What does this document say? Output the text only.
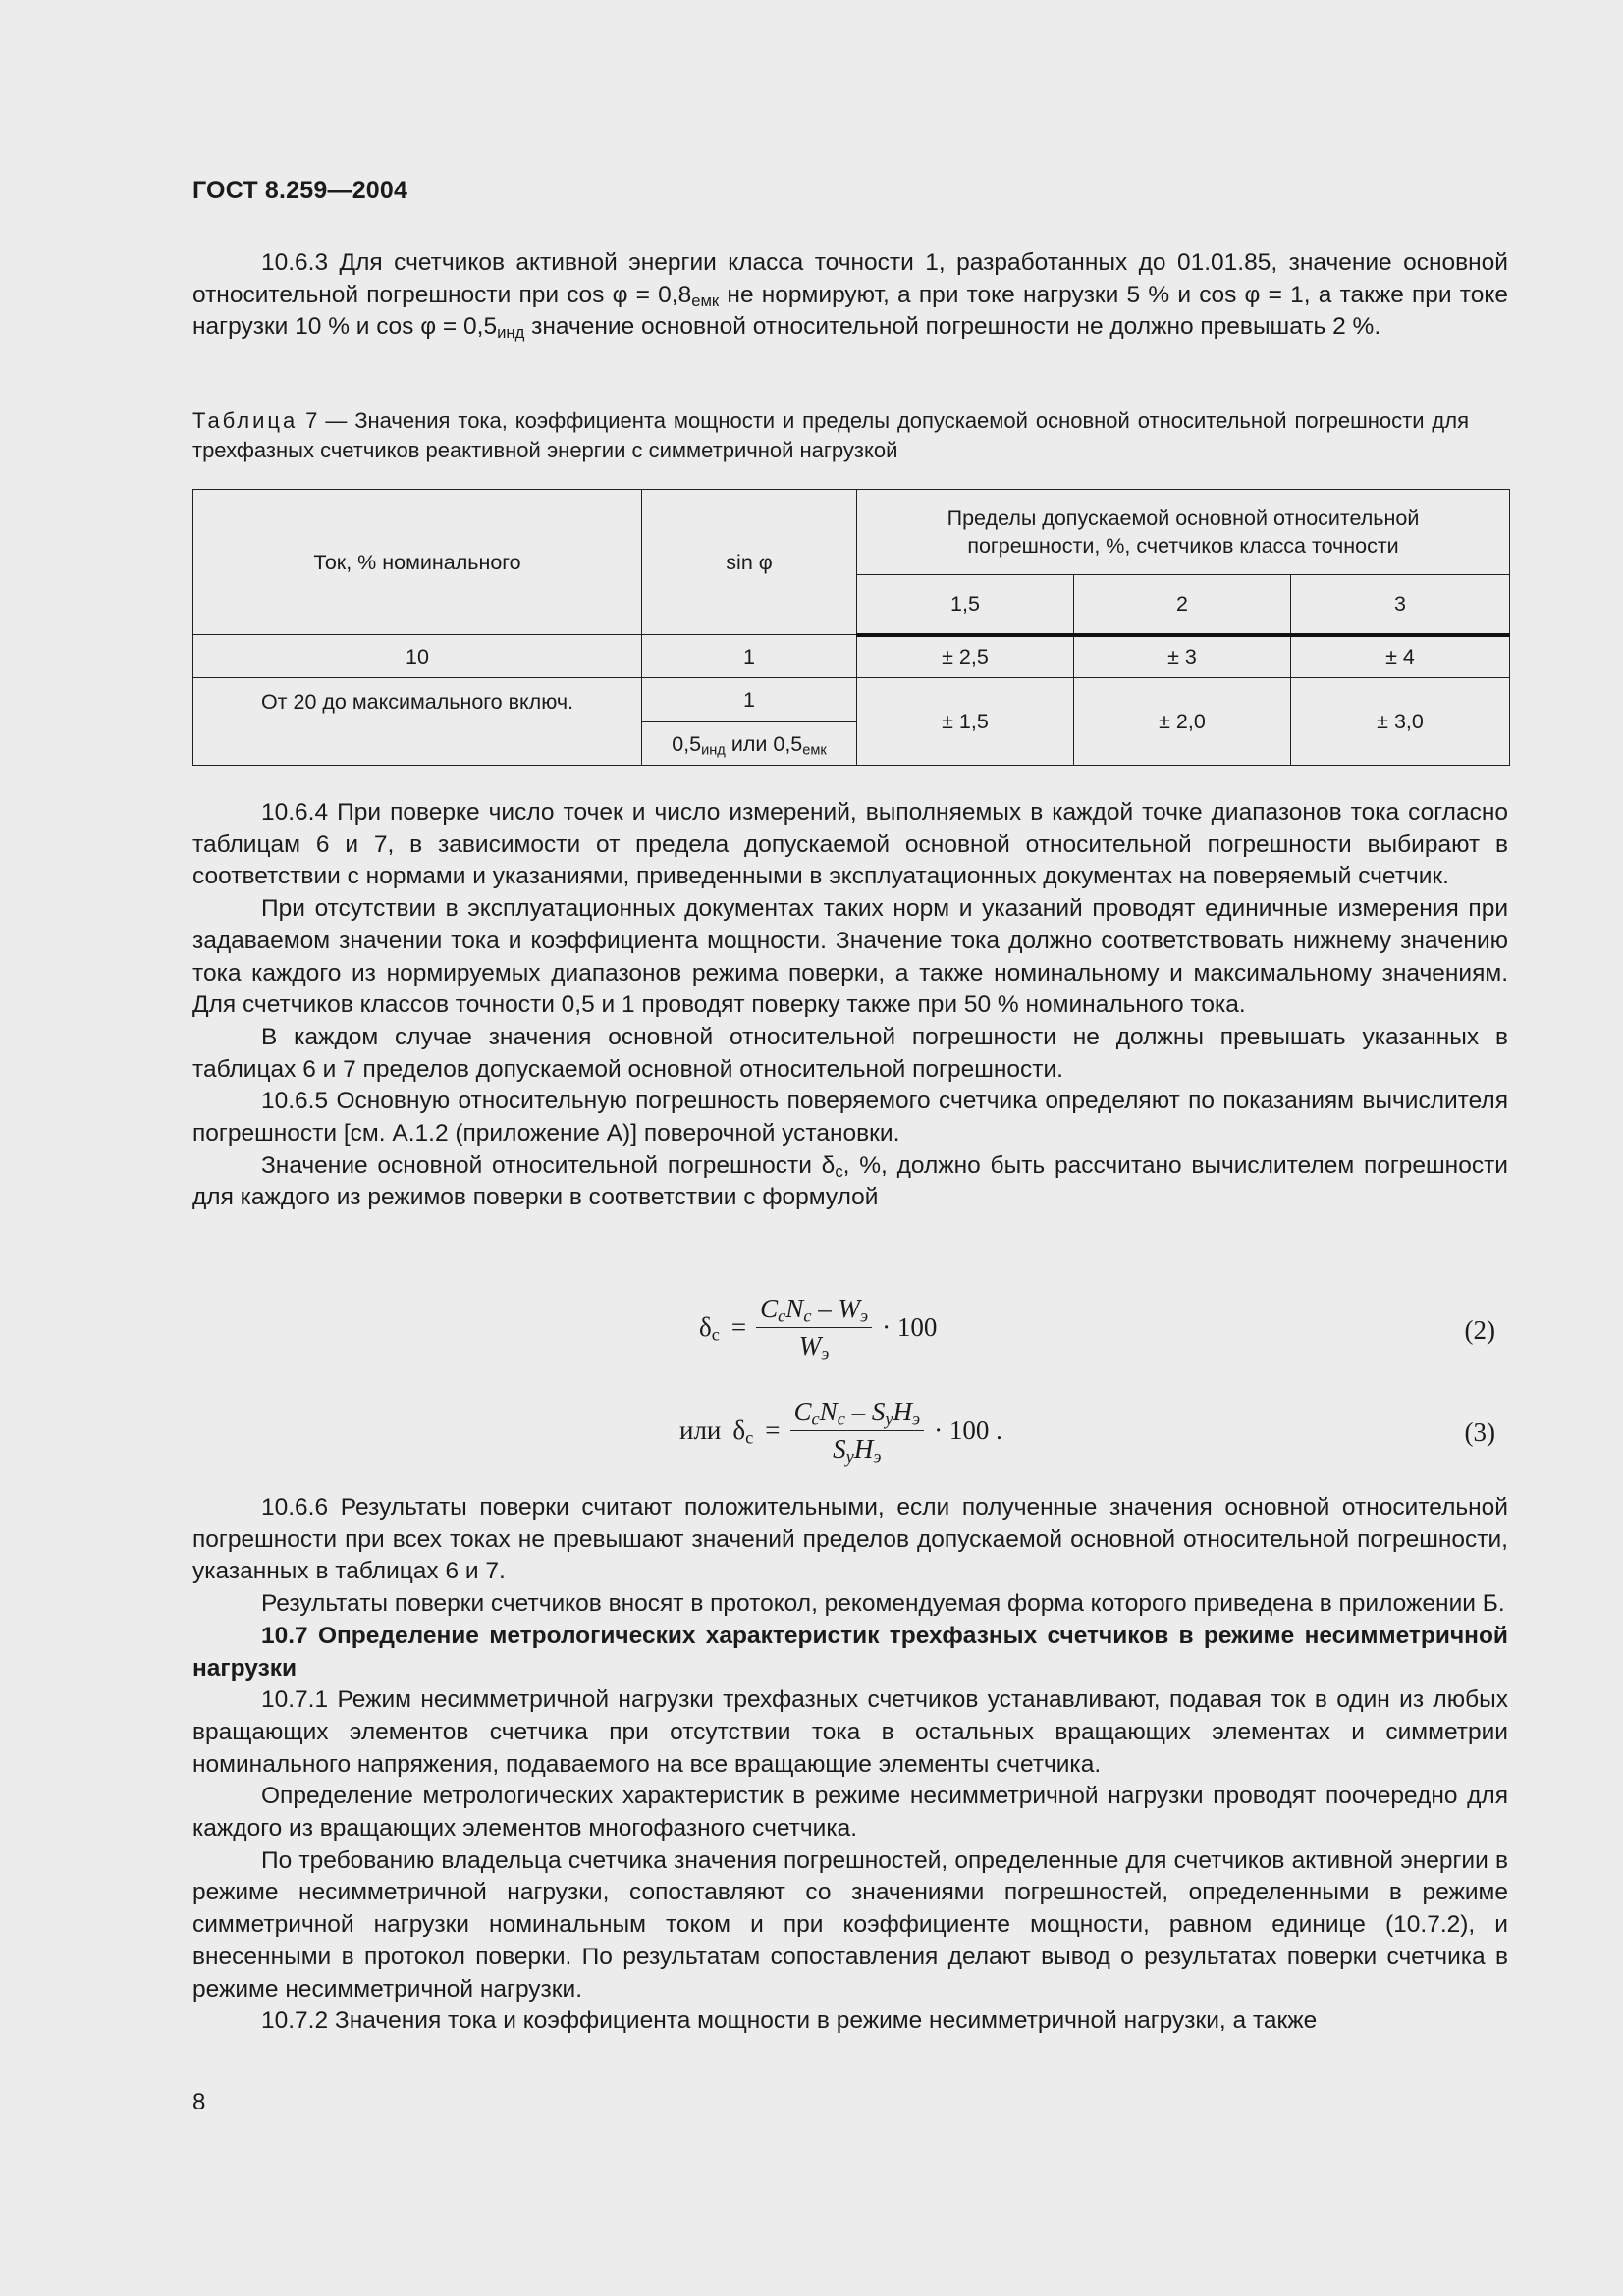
ГОСТ 8.259—2004

10.6.3 Для счетчиков активной энергии класса точности 1, разработанных до 01.01.85, значение основной относительной погрешности при $\cos \varphi = 0,8_{емк}$ не нормируют, а при токе нагрузки 5 % и cos φ = 1, а также при токе нагрузки 10 % и $\cos \varphi = 0,5_{инд}$ значение основной относительной погрешности не должно превышать 2 %.

Таблица 7 — Значения тока, коэффициента мощности и пределы допускаемой основной относительной погрешности для трехфазных счетчиков реактивной энергии с симметричной нагрузкой
Ток, % номинального	sin φ	Пределы допускаемой основной относительной погрешности, %, счетчиков класса точности		
		1,5	2	3
10	1	± 2,5	± 3	± 4
От 20 до максимального включ.	1	± 1,5	± 2,0	± 3,0
	$0,5_{инд}$ или $0,5_{емк}$

10.6.4 При поверке число точек и число измерений, выполняемых в каждой точке диапазонов тока согласно таблицам 6 и 7, в зависимости от предела допускаемой основной относительной погрешности выбирают в соответствии с нормами и указаниями, приведенными в эксплуатационных документах на поверяемый счетчик.

При отсутствии в эксплуатационных документах таких норм и указаний проводят единичные измерения при задаваемом значении тока и коэффициента мощности. Значение тока должно соответствовать нижнему значению тока каждого из нормируемых диапазонов режима поверки, а также номинальному и максимальному значениям. Для счетчиков классов точности 0,5 и 1 проводят поверку также при 50 % номинального тока.

В каждом случае значения основной относительной погрешности не должны превышать указанных в таблицах 6 и 7 пределов допускаемой основной относительной погрешности.

10.6.5 Основную относительную погрешность поверяемого счетчика определяют по показаниям вычислителя погрешности [см. А.1.2 (приложение А)] поверочной установки.

Значение основной относительной погрешности $\delta_с$, %, должно быть рассчитано вычислителем погрешности для каждого из режимов поверки в соответствии с формулой

$\delta_с = \frac{C_сN_с - W_э}{W_э} \cdot 100$	(2)
или $\delta_с = \frac{C_сN_с - S_уH_э}{S_уH_э} \cdot 100$ .	(3)

10.6.6 Результаты поверки считают положительными, если полученные значения основной относительной погрешности при всех токах не превышают значений пределов допускаемой основной относительной погрешности, указанных в таблицах 6 и 7.

Результаты поверки счетчиков вносят в протокол, рекомендуемая форма которого приведена в приложении Б.

10.7 Определение метрологических характеристик трехфазных счетчиков в режиме несимметричной нагрузки

10.7.1 Режим несимметричной нагрузки трехфазных счетчиков устанавливают, подавая ток в один из любых вращающих элементов счетчика при отсутствии тока в остальных вращающих элементах и симметрии номинального напряжения, подаваемого на все вращающие элементы счетчика.

Определение метрологических характеристик в режиме несимметричной нагрузки проводят поочередно для каждого из вращающих элементов многофазного счетчика.

По требованию владельца счетчика значения погрешностей, определенные для счетчиков активной энергии в режиме несимметричной нагрузки, сопоставляют со значениями погрешностей, определенными в режиме симметричной нагрузки номинальным током и при коэффициенте мощности, равном единице (10.7.2), и внесенными в протокол поверки. По результатам сопоставления делают вывод о результатах поверки счетчика в режиме несимметричной нагрузки.

10.7.2 Значения тока и коэффициента мощности в режиме несимметричной нагрузки, а также

8
